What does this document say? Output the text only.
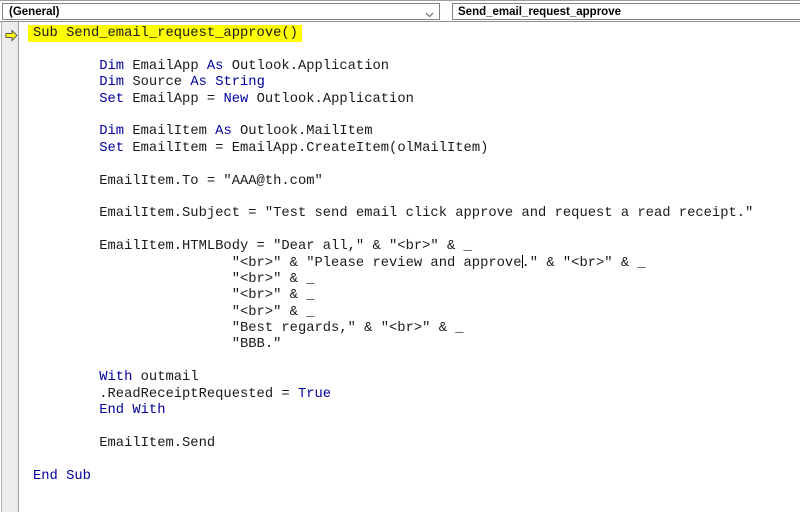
(General)	Send_email_request_approve
Sub Send_email_request_approve()

Dim EmailApp As Outlook.Application
Dim Source As String
Set EmailApp = New Outlook.Application

Dim EmailItem As Outlook.MailItem
Set EmailItem = EmailApp.CreateItem(olMailItem)

EmailItem.To = "AAA@th.com"

EmailItem.Subject = "Test send email click approve and request a read receipt."

EmailItem.HTMLBody = "Dear all," & "<br>" & _
"<br>" & "Please review and approve." & "<br>" & _
"<br>" & _
"<br>" & _
"<br>" & _
"Best regards," & "<br>" & _
"BBB."

With outmail
.ReadReceiptRequested = True
End With

EmailItem.Send

End Sub
